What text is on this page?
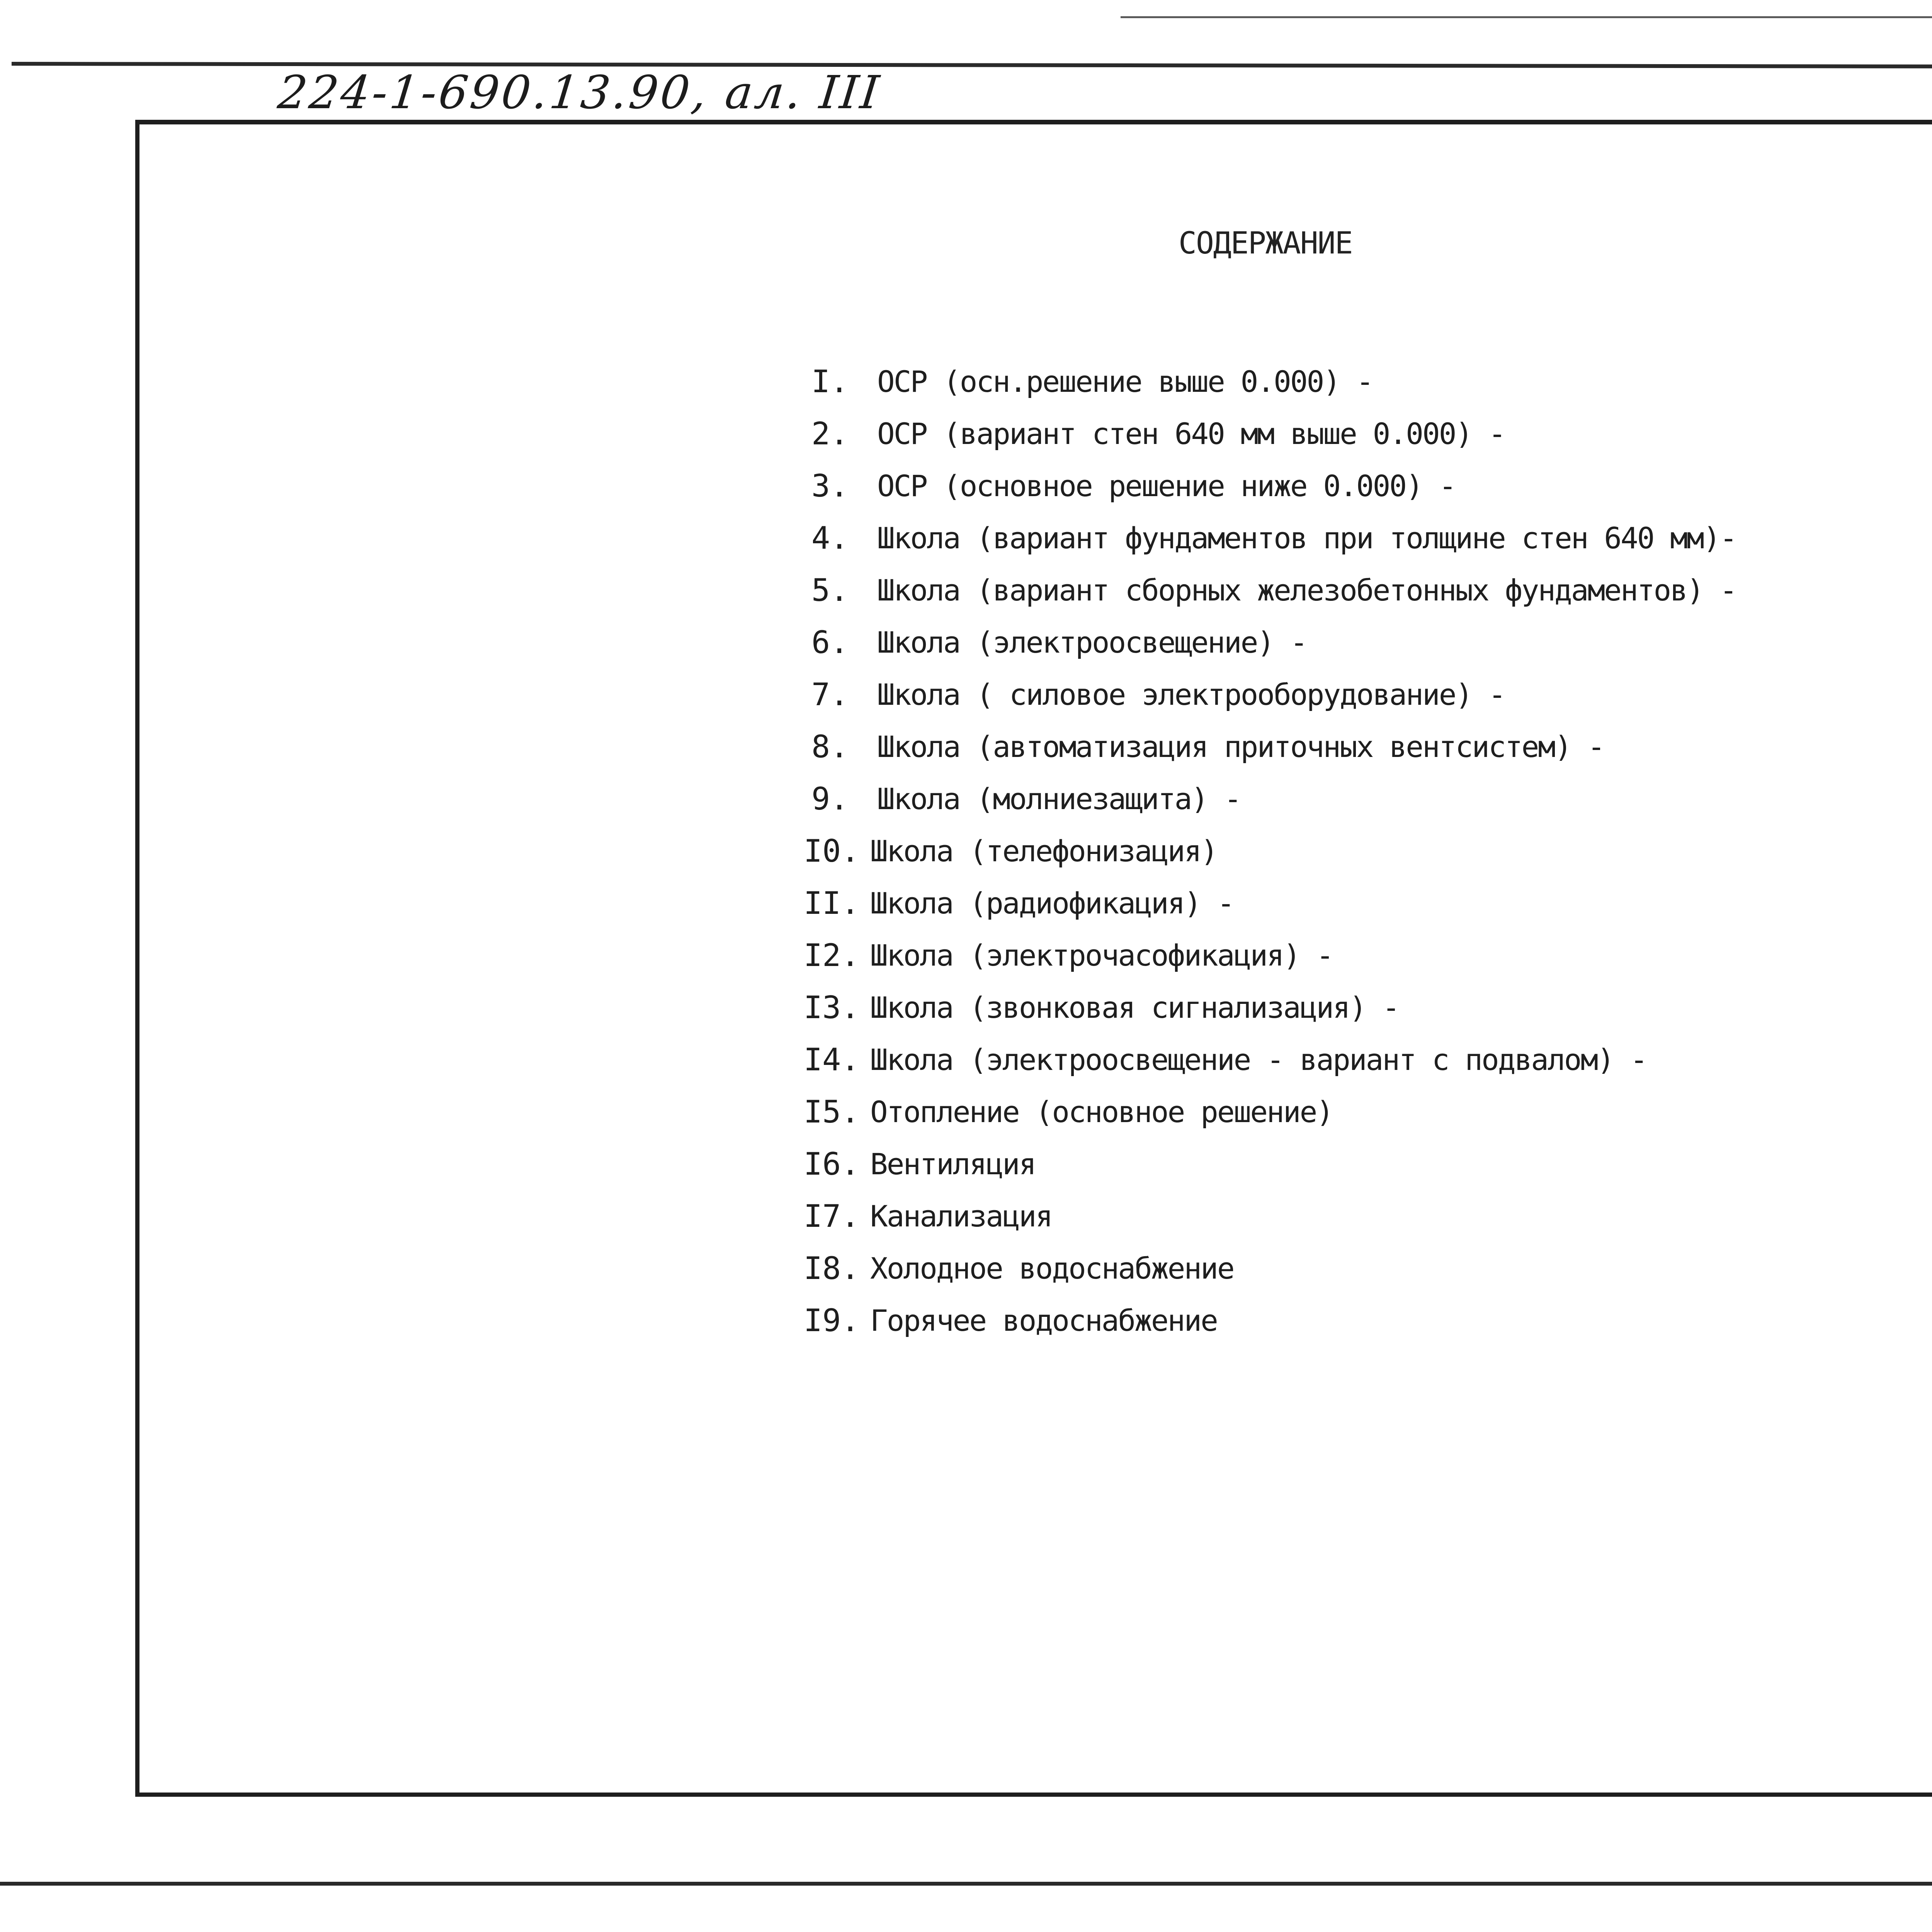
224-1-690.13.90, ал. III
СОДЕРЖАНИЕ
I. ОСР (осн.решение выше 0.000) -
2. ОСР (вариант стен 640 мм выше 0.000) -
3. ОСР (основное решение ниже 0.000) -
4. Школа (вариант фундаментов при толщине стен 640 мм)-
5. Школа (вариант сборных железобетонных фундаментов) -
6. Школа (электроосвещение) -
7. Школа ( силовое электрооборудование) -
8. Школа (автоматизация приточных вентсистем) -
9. Школа (молниезащита) -
I0. Школа (телефонизация)
II. Школа (радиофикация) -
I2. Школа (электрочасофикация) -
I3. Школа (звонковая сигнализация) -
I4. Школа (электроосвещение - вариант с подвалом) -
I5. Отопление (основное решение)
I6. Вентиляция
I7. Канализация
I8. Холодное водоснабжение
I9. Горячее водоснабжение
